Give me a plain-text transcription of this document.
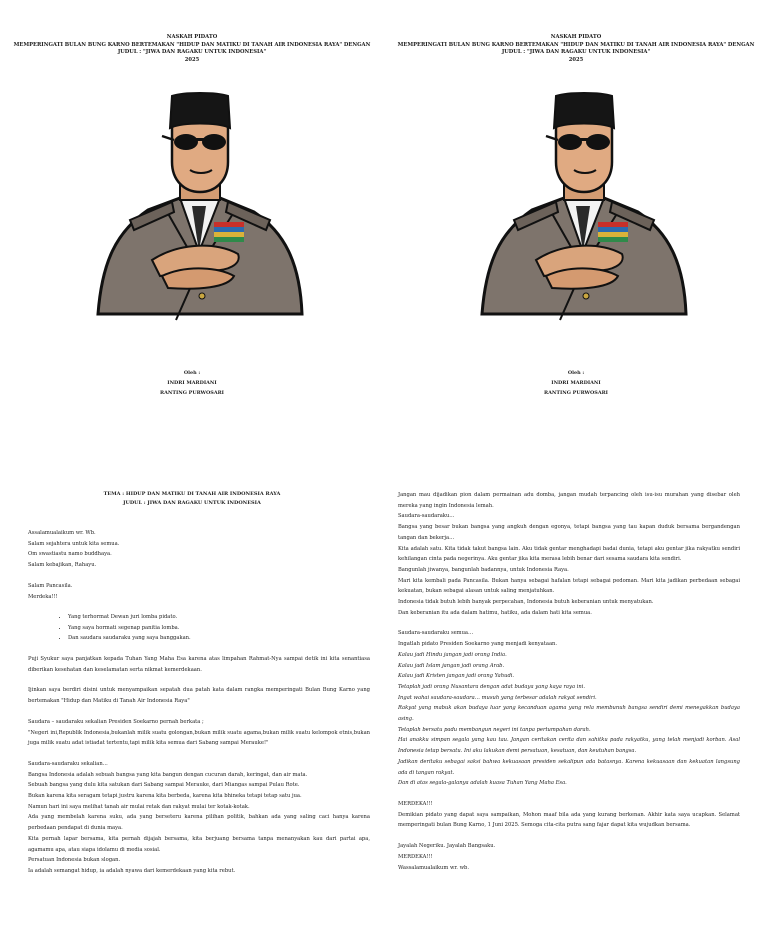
NASKAH PIDATO
MEMPERINGATI BULAN BUNG KARNO BERTEMAKAN "HIDUP DAN MATIKU DI TANAH AIR INDONESIA RAYA" DENGAN
JUDUL : "JIWA DAN RAGAKU UNTUK INDONESIA"
2025
Oleh :
INDRI MARDIANI
RANTING PURWOSARI
NASKAH PIDATO
MEMPERINGATI BULAN BUNG KARNO BERTEMAKAN "HIDUP DAN MATIKU DI TANAH AIR INDONESIA RAYA" DENGAN
JUDUL : "JIWA DAN RAGAKU UNTUK INDONESIA"
2025
Oleh :
INDRI MARDIANI
RANTING PURWOSARI
TEMA : HIDUP DAN MATIKU DI TANAH AIR INDONESIA RAYA
JUDUL : JIWA DAN RAGAKU UNTUK INDONESIA
Assalamualaikum wr. Wb.
Salam sejahtera untuk kita semua.
Om swastiastu namo buddhaya.
Salam kebajikan, Rahayu.
Salam Pancasila.
Merdeka!!!
• Yang terhormat Dewan juri lomba pidato.
• Yang saya hormati segenap panitia lomba.
• Dan saudara saudaraku yang saya banggakan.

Puji Syukur saya panjatkan kepada Tuhan Yang Maha Esa karena atas limpahan Rahmat-Nya sampai detik ini kita senantiasa diberikan kesehatan dan keselamatan serta nikmat kemerdekaan.

Ijinkan saya berdiri disini untuk menyampaikan sepatah dua patah kata dalam rangka memperingati Bulan Bung Karno yang bertemakan "Hidup dan Matiku di Tanah Air Indonesia Raya"

Saudara – saudaraku sekalian Presiden Soekarno pernah berkata ;

"Negeri ini,Republik Indonesia,bukanlah milik suatu golongan,bukan milik suatu agama,bukan milik suatu kelompok etnis,bukan juga milik suatu adat istiadat tertentu,tapi milik kita semua dari Sabang sampai Merauke!"

Saudara-saudaraku sekalian…
Bangsa Indonesia adalah sebuah bangsa yang kita bangun dengan cucuran darah, keringat, dan air mata.
Sebuah bangsa yang dulu kita satukan dari Sabang sampai Merauke, dari Miangas sampai Pulau Rote.
Bukan karena kita seragam tetapi justru karena kita berbeda, karena kita bhineka tetapi tetap satu jua.
Namun hari ini saya melihat tanah air mulai retak dan rakyat mulai ter kotak-kotak.

Ada yang membelah karena suku, ada yang berseteru karena pilihan politik, bahkan ada yang saling caci hanya karena perbedaan pendapat di dunia maya.

Kita pernah lapar bersama, kita pernah dijajah bersama, kita berjuang bersama tanpa menanyakan kau dari partai apa, agamamu apa, atau siapa idolamu di media sosial.

Persatuan Indonesia bukan slogan.
Ia adalah semangat hidup, ia adalah nyawa dari kemerdekaan yang kita rebut.

Jangan mau dijadikan pion dalam permainan adu domba, jangan mudah terpancing oleh isu-isu murahan yang disebar oleh mereka yang ingin Indonesia lemah.

Saudara-saudaraku…

Bangsa yang besar bukan bangsa yang angkuh dengan egonya, tetapi bangsa yang tau kapan duduk bersama bergandengan tangan dan bekerja…

Kita adalah satu. Kita tidak takut bangsa lain. Aku tidak gentar menghadapi badai dunia, tetapi aku gentar jika rakyatku sendiri kehilangan cinta pada negerinya. Aku gentar jika kita merasa lebih benar dari sesama saudara kita sendiri.

Bangunlah jiwanya, bangunlah badannya, untuk Indonesia Raya.

Mari kita kembali pada Pancasila. Bukan hanya sebagai hafalan tetapi sebagai pedoman. Mari kita jadikan perbedaan sebagai kekuatan, bukan sebagai alasan untuk saling menjatuhkan.

Indonesia tidak butuh lebih banyak perpecahan, Indonesia butuh keberanian untuk menyatukan.
Dan keberanian itu ada dalam hatimu, hatiku, ada dalam hati kita semua.
Saudara-saudaraku semua…
Ingatlah pidato Presiden Soekarno yang menjadi kenyataan.
Kalau jadi Hindu jangan jadi orang India.
Kalau jadi Islam jangan jadi orang Arab.
Kalau jadi Kristen jangan jadi orang Yahudi.
Tetaplah jadi orang Nusantara dengan adat budaya yang kaya raya ini.
Ingat wahai saudara-saudara… musuh yang terbesar adalah rakyat sendiri.

Rakyat yang mabuk akan budaya luar yang kecanduan agama yang rela membunuh bangsa sendiri demi menegakkan budaya asing.

Tetaplah bersatu padu membangun negeri ini tanpa pertumpahan darah.

Hai anakku simpan segala yang kau tau. Jangan ceritakan cerita dan sahitku pada rakyatku, yang telah menjadi korban. Asal Indonesia tetap bersatu. Ini aku lakukan demi persatuan, kesatuan, dan keutuhan bangsa.

Jadikan deritaku sebagai saksi bahwa kekuasaan presiden sekalipun ada batasnya. Karena kekuasaan dan kekuatan langsung ada di tangan rakyat.

Dan di atas segala-galanya adalah kuasa Tuhan Yang Maha Esa.
MERDEKA!!!

Demikian pidato yang dapat saya sampaikan, Mohon maaf bila ada yang kurang berkenan. Akhir kata saya ucapkan. Selamat memperingati bulan Bung Karno, 1 Juni 2025. Semoga cita-cita putra sang fajar dapat kita wujudkan bersama.

Jayalah Negeriku. Jayalah Bangsaku.
MERDEKA!!!
Wassalamualaikum wr. wb.
